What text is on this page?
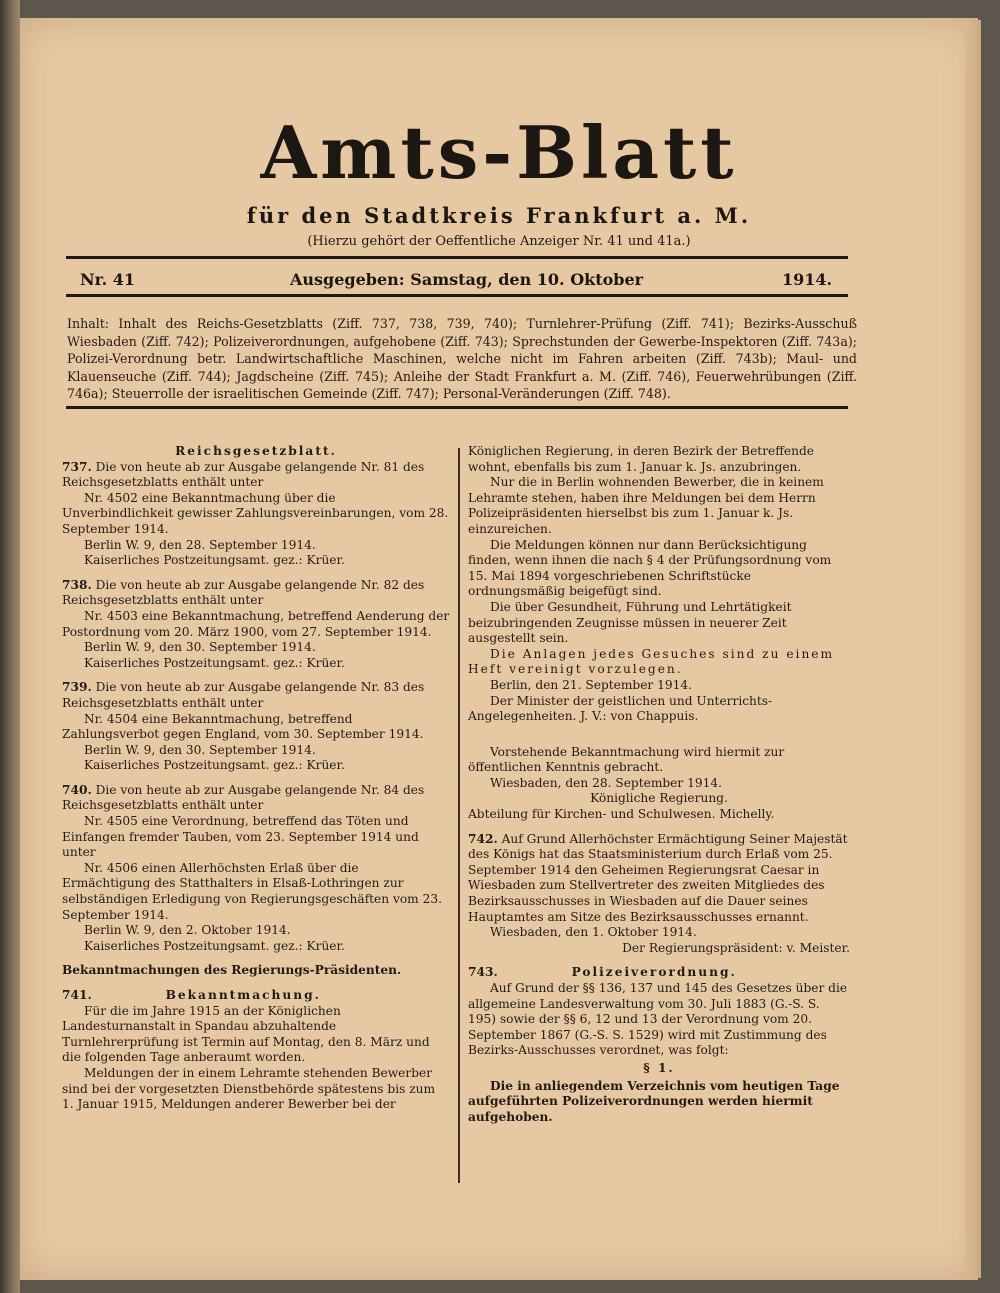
Amts-Blatt
für den Stadtkreis Frankfurt a. M.
(Hierzu gehört der Oeffentliche Anzeiger Nr. 41 und 41a.)
Nr. 41	Ausgegeben: Samstag, den 10. Oktober	1914.
Inhalt: Inhalt des Reichs-Gesetzblatts (Ziff. 737, 738, 739, 740); Turnlehrer-Prüfung (Ziff. 741); Bezirks-Ausschuß Wiesbaden (Ziff. 742); Polizeiverordnungen, aufgehobene (Ziff. 743); Sprechstunden der Gewerbe-Inspektoren (Ziff. 743a); Polizei-Verordnung betr. Landwirtschaftliche Maschinen, welche nicht im Fahren arbeiten (Ziff. 743b); Maul- und Klauenseuche (Ziff. 744); Jagdscheine (Ziff. 745); Anleihe der Stadt Frankfurt a. M. (Ziff. 746), Feuerwehrübungen (Ziff. 746a); Steuerrolle der israelitischen Gemeinde (Ziff. 747); Personal-Veränderungen (Ziff. 748).

Reichsgesetzblatt.

737. Die von heute ab zur Ausgabe gelangende Nr. 81 des Reichsgesetzblatts enthält unter

Nr. 4502 eine Bekanntmachung über die Unverbindlichkeit gewisser Zahlungsvereinbarungen, vom 28. September 1914.

Berlin W. 9, den 28. September 1914.

Kaiserliches Postzeitungsamt. gez.: Krüer.

738. Die von heute ab zur Ausgabe gelangende Nr. 82 des Reichsgesetzblatts enthält unter

Nr. 4503 eine Bekanntmachung, betreffend Aenderung der Postordnung vom 20. März 1900, vom 27. September 1914.

Berlin W. 9, den 30. September 1914.

Kaiserliches Postzeitungsamt. gez.: Krüer.

739. Die von heute ab zur Ausgabe gelangende Nr. 83 des Reichsgesetzblatts enthält unter

Nr. 4504 eine Bekanntmachung, betreffend Zahlungsverbot gegen England, vom 30. September 1914.

Berlin W. 9, den 30. September 1914.

Kaiserliches Postzeitungsamt. gez.: Krüer.

740. Die von heute ab zur Ausgabe gelangende Nr. 84 des Reichsgesetzblatts enthält unter

Nr. 4505 eine Verordnung, betreffend das Töten und Einfangen fremder Tauben, vom 23. September 1914 und unter

Nr. 4506 einen Allerhöchsten Erlaß über die Ermächtigung des Statthalters in Elsaß-Lothringen zur selbständigen Erledigung von Regierungsgeschäften vom 23. September 1914.

Berlin W. 9, den 2. Oktober 1914.

Kaiserliches Postzeitungsamt. gez.: Krüer.

Bekanntmachungen des Regierungs-Präsidenten.

741.	Bekanntmachung.

Für die im Jahre 1915 an der Königlichen Landesturnanstalt in Spandau abzuhaltende Turnlehrerprüfung ist Termin auf Montag, den 8. März und die folgenden Tage anberaumt worden.

Meldungen der in einem Lehramte stehenden Bewerber sind bei der vorgesetzten Dienstbehörde spätestens bis zum 1. Januar 1915, Meldungen anderer Bewerber bei der

Königlichen Regierung, in deren Bezirk der Betreffende wohnt, ebenfalls bis zum 1. Januar k. Js. anzubringen.

Nur die in Berlin wohnenden Bewerber, die in keinem Lehramte stehen, haben ihre Meldungen bei dem Herrn Polizeipräsidenten hierselbst bis zum 1. Januar k. Js. einzureichen.

Die Meldungen können nur dann Berücksichtigung finden, wenn ihnen die nach § 4 der Prüfungsordnung vom 15. Mai 1894 vorgeschriebenen Schriftstücke ordnungsmäßig beigefügt sind.

Die über Gesundheit, Führung und Lehrtätigkeit beizubringenden Zeugnisse müssen in neuerer Zeit ausgestellt sein.

Die Anlagen jedes Gesuches sind zu einem Heft vereinigt vorzulegen.

Berlin, den 21. September 1914.

Der Minister der geistlichen und Unterrichts-Angelegenheiten. J. V.: von Chappuis.

Vorstehende Bekanntmachung wird hiermit zur öffentlichen Kenntnis gebracht.

Wiesbaden, den 28. September 1914.

Königliche Regierung.

Abteilung für Kirchen- und Schulwesen. Michelly.

742. Auf Grund Allerhöchster Ermächtigung Seiner Majestät des Königs hat das Staatsministerium durch Erlaß vom 25. September 1914 den Geheimen Regierungsrat Caesar in Wiesbaden zum Stellvertreter des zweiten Mitgliedes des Bezirksausschusses in Wiesbaden auf die Dauer seines Hauptamtes am Sitze des Bezirksausschusses ernannt.

Wiesbaden, den 1. Oktober 1914.

Der Regierungspräsident: v. Meister.

743.	Polizeiverordnung.

Auf Grund der §§ 136, 137 und 145 des Gesetzes über die allgemeine Landesverwaltung vom 30. Juli 1883 (G.-S. S. 195) sowie der §§ 6, 12 und 13 der Verordnung vom 20. September 1867 (G.-S. S. 1529) wird mit Zustimmung des Bezirks-Ausschusses verordnet, was folgt:

§ 1.

Die in anliegendem Verzeichnis vom heutigen Tage aufgeführten Polizeiverordnungen werden hiermit aufgehoben.
